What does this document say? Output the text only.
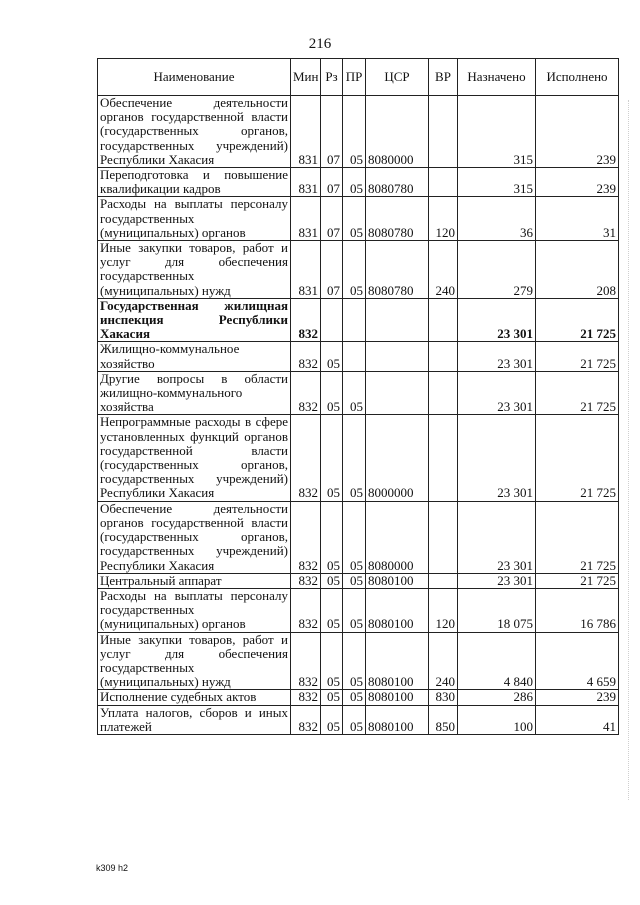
216
Наименование	Мин	Рз	ПР	ЦСР	ВР	Назначено	Исполнено
Обеспечение деятельности органов государственной власти (государственных органов, государственных учреждений) Республики Хакасия	831	07	05	8080000		315	239
Переподготовка и повышение квалификации кадров	831	07	05	8080780		315	239
Расходы на выплаты персоналу государственных (муниципальных) органов	831	07	05	8080780	120	36	31
Иные закупки товаров, работ и услуг для обеспечения государственных (муниципальных) нужд	831	07	05	8080780	240	279	208
Государственная жилищная инспекция Республики Хакасия	832					23 301	21 725
Жилищно-коммунальное хозяйство	832	05				23 301	21 725
Другие вопросы в области жилищно-коммунального хозяйства	832	05	05			23 301	21 725
Непрограммные расходы в сфере установленных функций органов государственной власти (государственных органов, государственных учреждений) Республики Хакасия	832	05	05	8000000		23 301	21 725
Обеспечение деятельности органов государственной власти (государственных органов, государственных учреждений) Республики Хакасия	832	05	05	8080000		23 301	21 725
Центральный аппарат	832	05	05	8080100		23 301	21 725
Расходы на выплаты персоналу государственных (муниципальных) органов	832	05	05	8080100	120	18 075	16 786
Иные закупки товаров, работ и услуг для обеспечения государственных (муниципальных) нужд	832	05	05	8080100	240	4 840	4 659
Исполнение судебных актов	832	05	05	8080100	830	286	239
Уплата налогов, сборов и иных платежей	832	05	05	8080100	850	100	41
k309 h2
